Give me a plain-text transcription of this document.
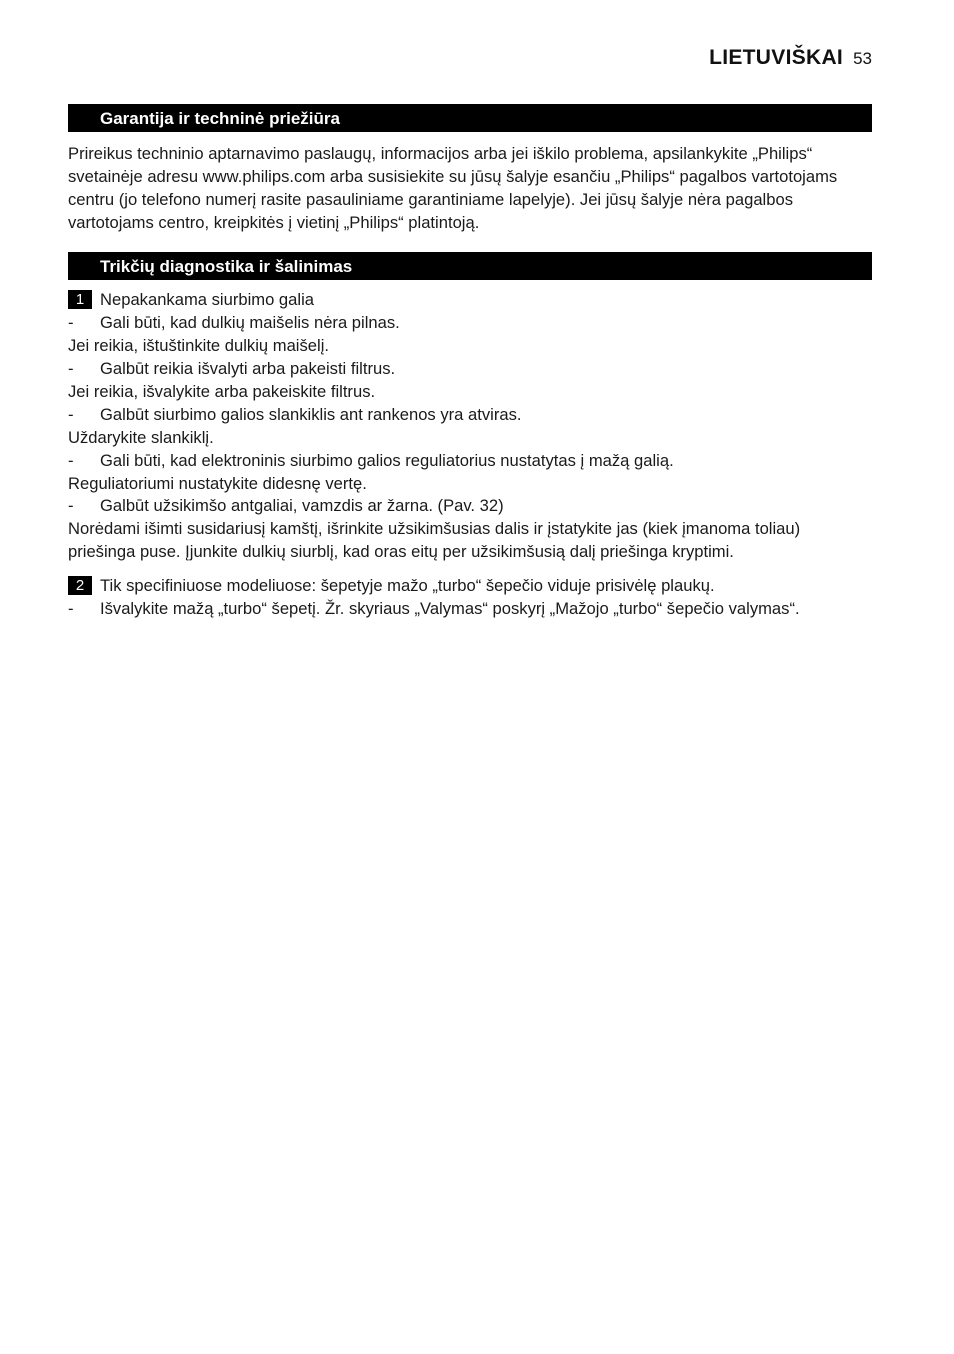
LIETUVIŠKAI 53
Garantija ir techninė priežiūra
Prireikus techninio aptarnavimo paslaugų, informacijos arba jei iškilo problema, apsilankykite „Philips“ svetainėje adresu www.philips.com arba susisiekite su jūsų šalyje esančiu „Philips“ pagalbos vartotojams centru (jo telefono numerį rasite pasauliniame garantiniame lapelyje). Jei jūsų šalyje nėra pagalbos vartotojams centro, kreipkitės į vietinį „Philips“ platintoją.
Trikčių diagnostika ir šalinimas
1 Nepakankama siurbimo galia
- Gali būti, kad dulkių maišelis nėra pilnas.
Jei reikia, ištuštinkite dulkių maišelį.
- Galbūt reikia išvalyti arba pakeisti filtrus.
Jei reikia, išvalykite arba pakeiskite filtrus.
- Galbūt siurbimo galios slankiklis ant rankenos yra atviras.
Uždarykite slankiklį.
- Gali būti, kad elektroninis siurbimo galios reguliatorius nustatytas į mažą galią.
Reguliatoriumi nustatykite didesnę vertę.
- Galbūt užsikimšo antgaliai, vamzdis ar žarna. (Pav. 32)
Norėdami išimti susidariusį kamštį, išrinkite užsikimšusias dalis ir įstatykite jas (kiek įmanoma toliau)
priešinga puse. Įjunkite dulkių siurblį, kad oras eitų per užsikimšusią dalį priešinga kryptimi.
2 Tik specifiniuose modeliuose: šepetyje mažo „turbo“ šepečio viduje prisivėlę plaukų.
- Išvalykite mažą „turbo“ šepetį. Žr. skyriaus „Valymas“ poskyrį „Mažojo „turbo“ šepečio valymas“.
